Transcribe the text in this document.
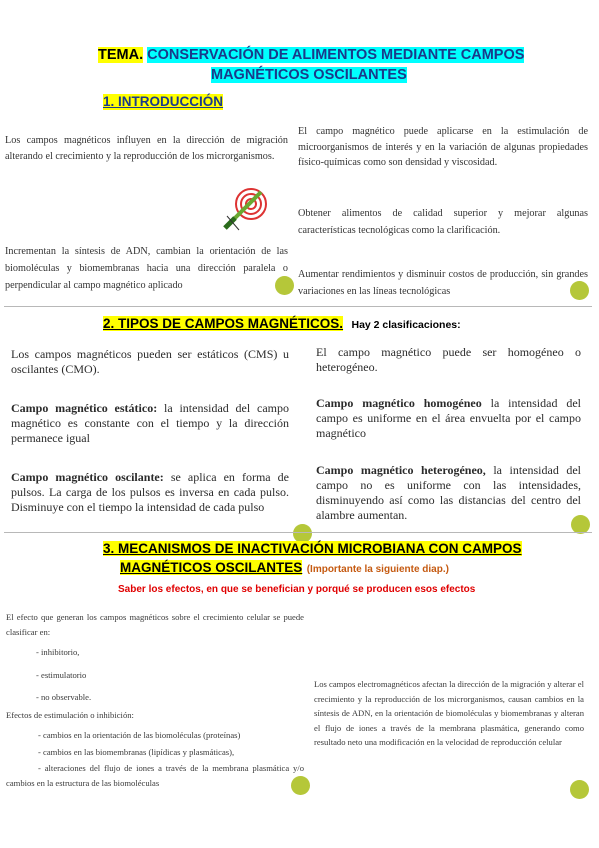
TEMA. CONSERVACIÓN DE ALIMENTOS MEDIANTE CAMPOS
MAGNÉTICOS OSCILANTES
1. INTRODUCCIÓN
Los campos magnéticos influyen en la dirección de migración alterando el crecimiento y la reproducción de los microrganismos.
Incrementan la síntesis de ADN, cambian la orientación de las biomoléculas y biomembranas hacia una dirección paralela o perpendicular al campo magnético aplicado
El campo magnético puede aplicarse en la estimulación de microorganismos de interés y en la variación de algunas propiedades físico-químicas como son densidad y viscosidad.
Obtener alimentos de calidad superior y mejorar algunas características tecnológicas como la clarificación.
Aumentar rendimientos y disminuir costos de producción, sin grandes variaciones en las líneas tecnológicas
2. TIPOS DE CAMPOS MAGNÉTICOS. Hay 2 clasificaciones:
Los campos magnéticos pueden ser estáticos (CMS) u oscilantes (CMO).
Campo magnético estático: la intensidad del campo magnético es constante con el tiempo y la dirección permanece igual
Campo magnético oscilante: se aplica en forma de pulsos. La carga de los pulsos es inversa en cada pulso. Disminuye con el tiempo la intensidad de cada pulso
El campo magnético puede ser homogéneo o heterogéneo.
Campo magnético homogéneo la intensidad del campo es uniforme en el área envuelta por el campo magnético
Campo magnético heterogéneo, la intensidad del campo no es uniforme con las intensidades, disminuyendo así como las distancias del centro del alambre aumentan.
3. MECANISMOS DE INACTIVACIÓN MICROBIANA CON CAMPOS
MAGNÉTICOS OSCILANTES (Importante la siguiente diap.)
Saber los efectos, en que se benefician y porqué se producen esos efectos
El efecto que generan los campos magnéticos sobre el crecimiento celular se puede clasificar en:
- inhibitorio,
- estimulatorio
- no observable.
Efectos de estimulación o inhibición:
- cambios en la orientación de las biomoléculas (proteínas)
- cambios en las biomembranas (lipídicas y plasmáticas),
- alteraciones del flujo de iones a través de la membrana plasmática y/o cambios en la estructura de las biomoléculas
Los campos electromagnéticos afectan la dirección de la migración y alterar el crecimiento y la reproducción de los microrganismos, causan cambios en la síntesis de ADN, en la orientación de biomoléculas y biomembranas y alteran el flujo de iones a través de la membrana plasmática, generando como resultado neto una modificación en la velocidad de reproducción celular
